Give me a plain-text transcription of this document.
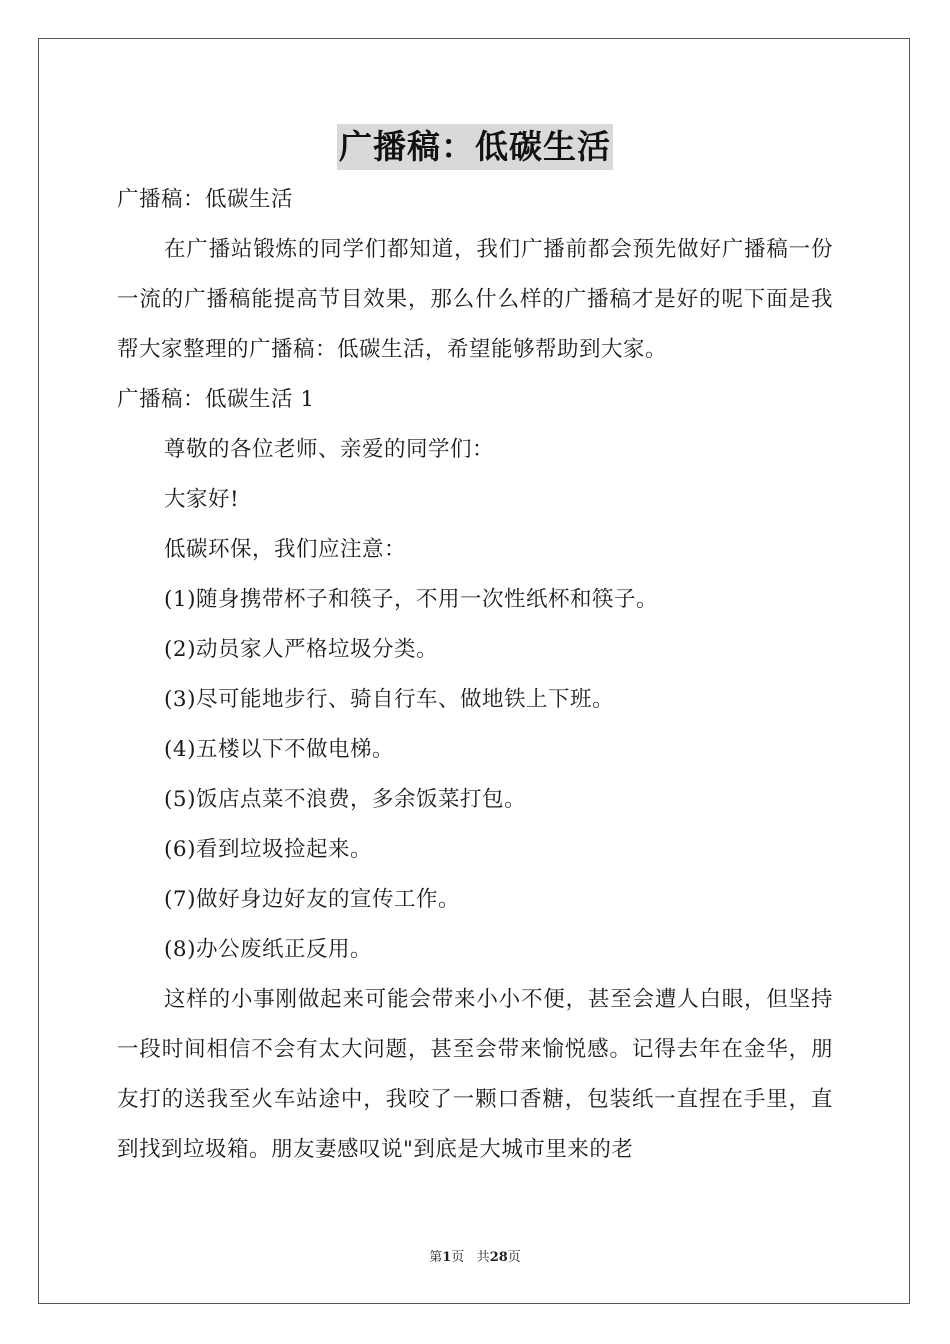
广播稿：低碳生活

广播稿：低碳生活

在广播站锻炼的同学们都知道，我们广播前都会预先做好广播稿一份一流的广播稿能提高节目效果，那么什么样的广播稿才是好的呢下面是我帮大家整理的广播稿：低碳生活，希望能够帮助到大家。

广播稿：低碳生活 1

尊敬的各位老师、亲爱的同学们：

大家好!

低碳环保，我们应注意：

(1)随身携带杯子和筷子，不用一次性纸杯和筷子。

(2)动员家人严格垃圾分类。

(3)尽可能地步行、骑自行车、做地铁上下班。

(4)五楼以下不做电梯。

(5)饭店点菜不浪费，多余饭菜打包。

(6)看到垃圾捡起来。

(7)做好身边好友的宣传工作。

(8)办公废纸正反用。

这样的小事刚做起来可能会带来小小不便，甚至会遭人白眼，但坚持一段时间相信不会有太大问题，甚至会带来愉悦感。记得去年在金华，朋友打的送我至火车站途中，我咬了一颗口香糖，包装纸一直捏在手里，直到找到垃圾箱。朋友妻感叹说"到底是大城市里来的老

第1页 共28页
